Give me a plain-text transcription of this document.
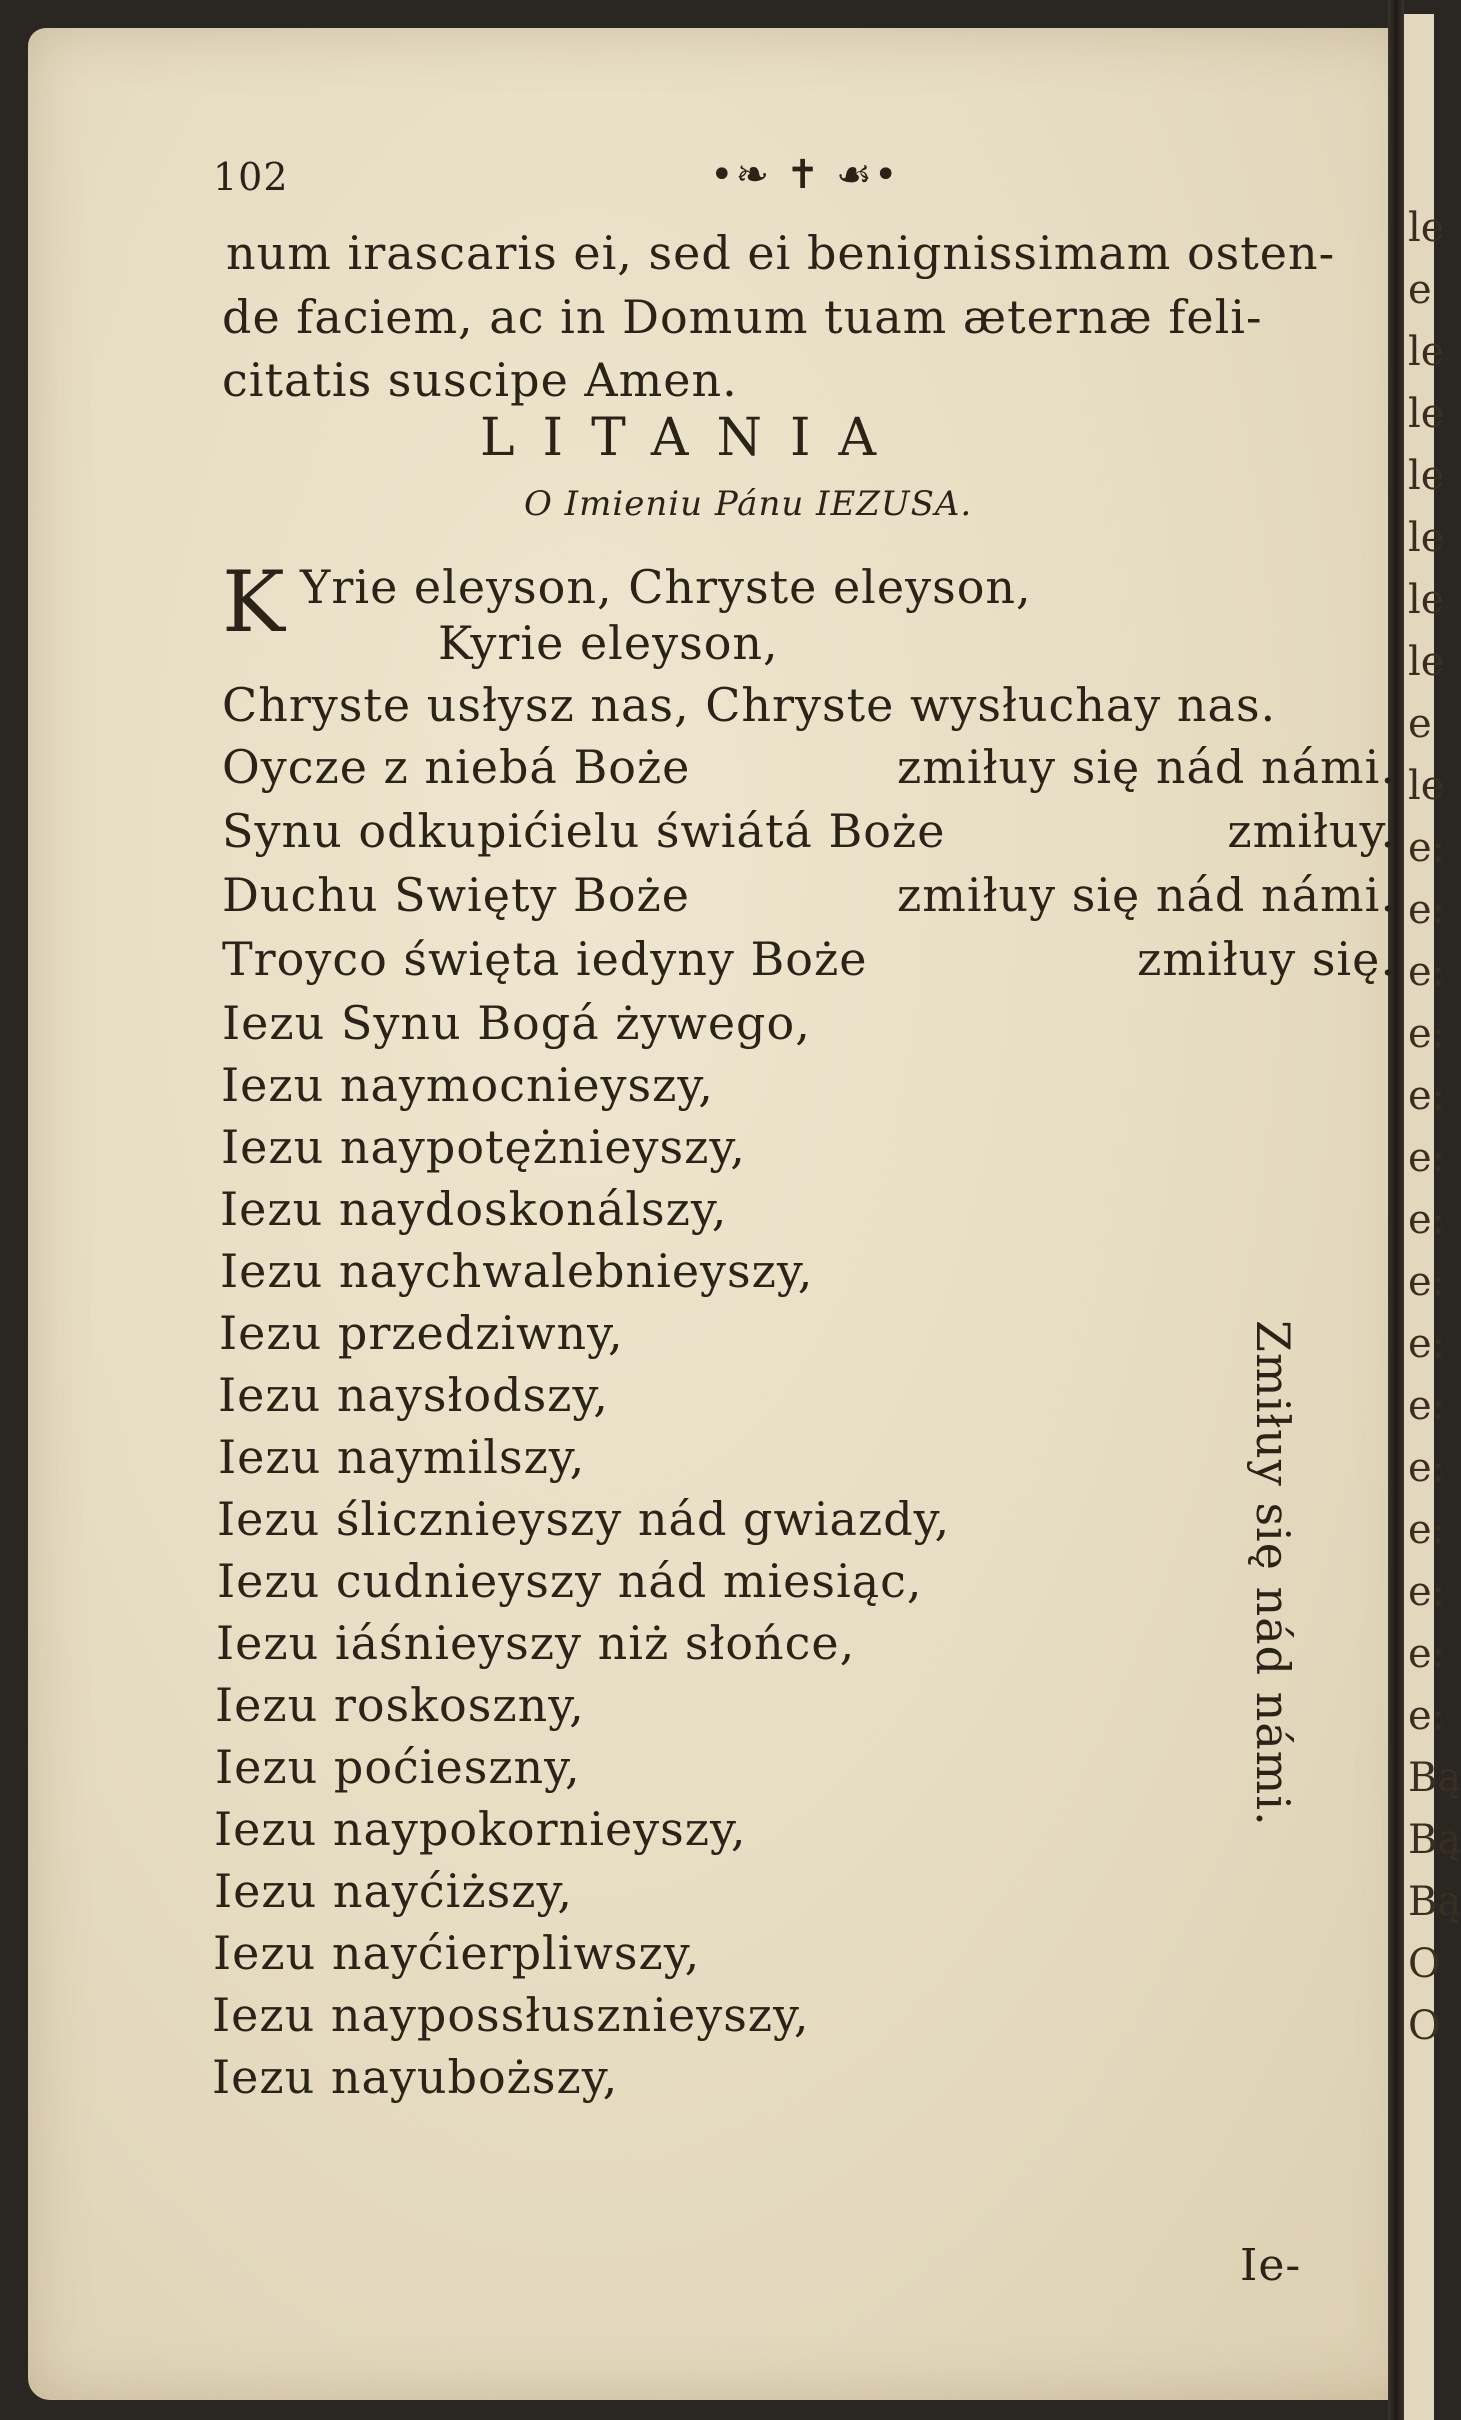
le
e
le
le
le
le
le
le
e
le
e:
e:
e:
e:
e:
e:
e:
e:
e:
e:
e:
e:
e:
e:
e:
Bą
Bą
Bą
O
O
102	•❧ ✝ ☙•
num irascaris ei, sed ei benignissimam osten-
de faciem, ac in Domum tuam æternæ feli-
citatis suscipe Amen.
LITANIA
O Imieniu Pánu IEZUSA.
K Yrie eleyson, Chryste eleyson,
Kyrie eleyson,
Chryste usłysz nas, Chryste wysłuchay nas.
Oycze z niebá Boże	zmiłuy się nád námi.
Synu odkupićielu świátá Boże	zmiłuy.
Duchu Swięty Boże	zmiłuy się nád námi.
Troyco święta iedyny Boże	zmiłuy się.
Iezu Synu Bogá żywego,
Iezu naymocnieyszy,
Iezu naypotężnieyszy,
Iezu naydoskonálszy,
Iezu naychwalebnieyszy,
Iezu przedziwny,
Iezu naysłodszy,
Iezu naymilszy,
Iezu ślicznieyszy nád gwiazdy,
Iezu cudnieyszy nád miesiąc,
Iezu iáśnieyszy niż słońce,
Iezu roskoszny,
Iezu poćieszny,
Iezu naypokornieyszy,
Iezu nayćiższy,
Iezu nayćierpliwszy,
Iezu naypossłusznieyszy,
Iezu nayuboższy,
Zmiłuy się nád námi.
Ie-
